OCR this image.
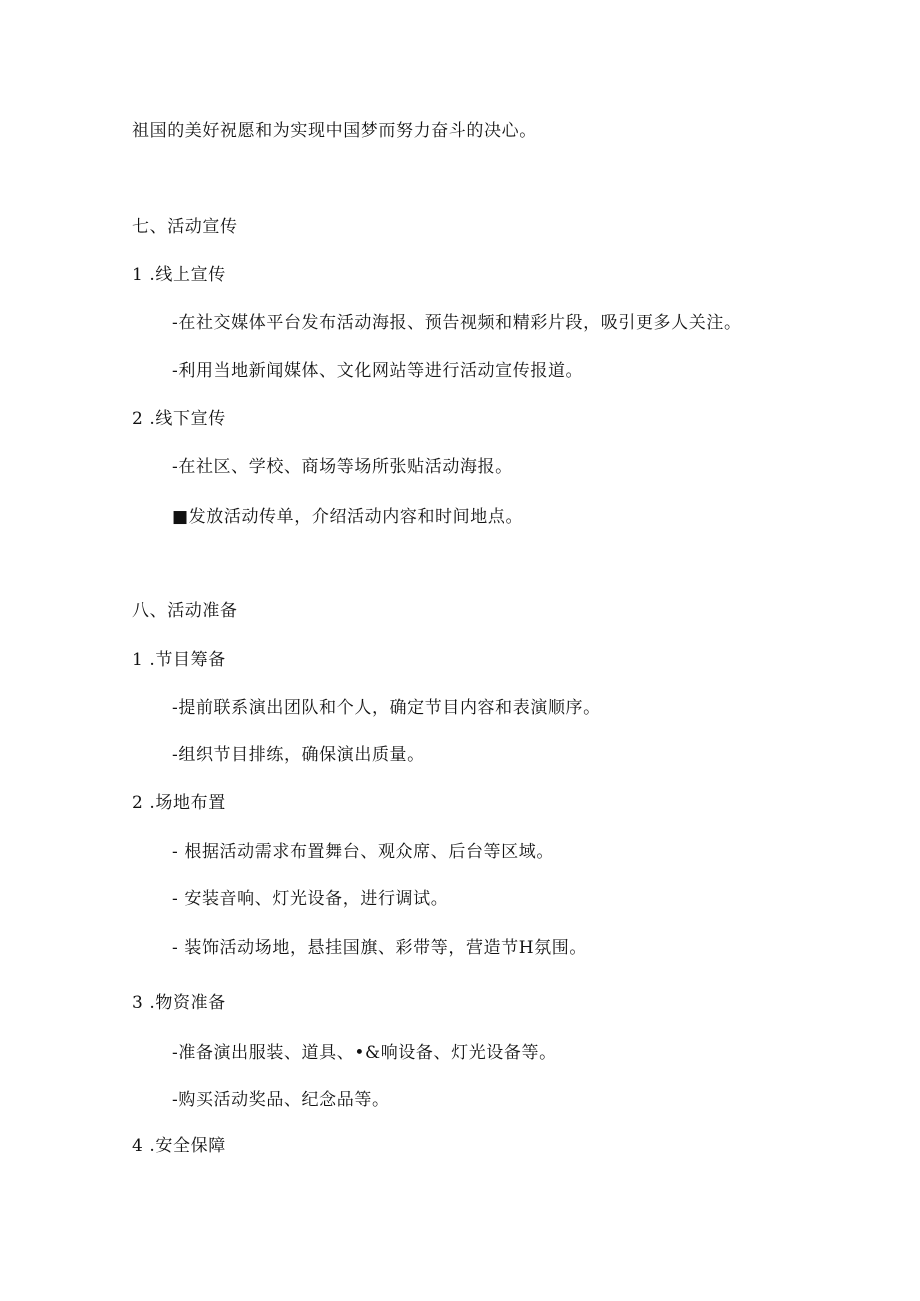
祖国的美好祝愿和为实现中国梦而努力奋斗的决心。
七、活动宣传
1 .线上宣传
-在社交媒体平台发布活动海报、预告视频和精彩片段，吸引更多人关注。
-利用当地新闻媒体、文化网站等进行活动宣传报道。
2 .线下宣传
-在社区、学校、商场等场所张贴活动海报。
■发放活动传单，介绍活动内容和时间地点。
八、活动准备
1 .节目筹备
-提前联系演出团队和个人，确定节目内容和表演顺序。
-组织节目排练，确保演出质量。
2 .场地布置
- 根据活动需求布置舞台、观众席、后台等区域。
- 安装音响、灯光设备，进行调试。
- 装饰活动场地，悬挂国旗、彩带等，营造节H氛围。
3 .物资准备
-准备演出服装、道具、•&响设备、灯光设备等。
-购买活动奖品、纪念品等。
4 .安全保障
